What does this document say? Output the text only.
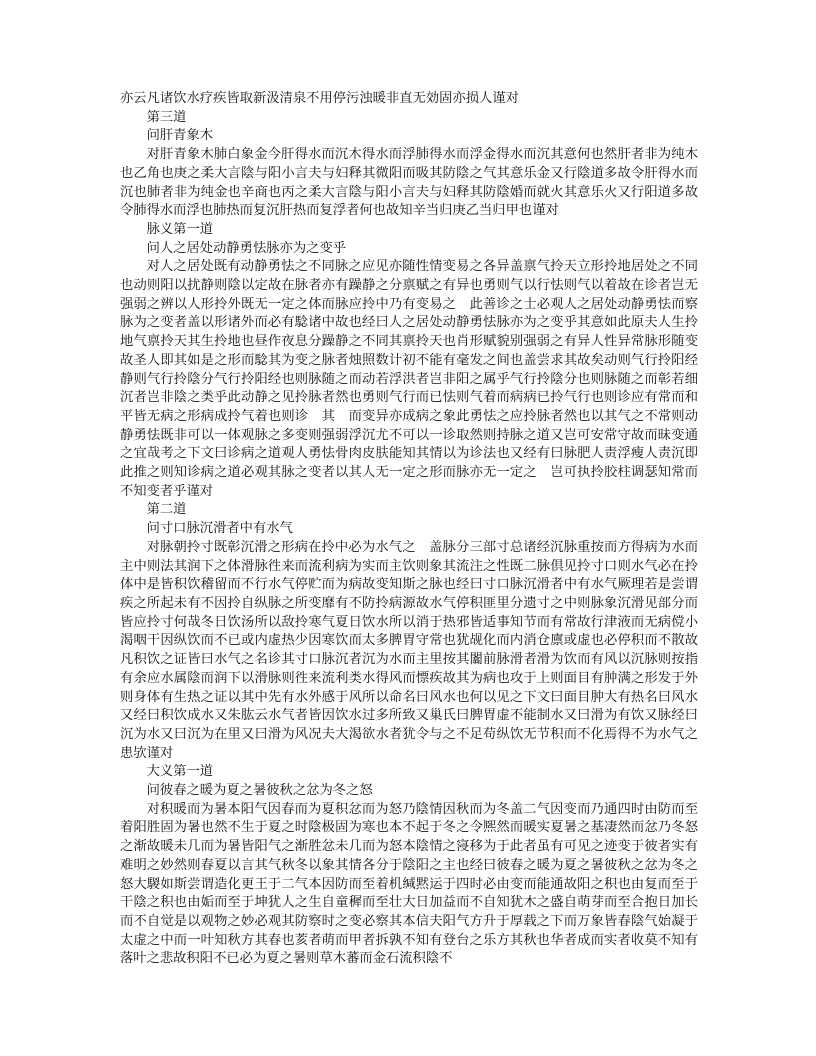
亦云凡诸饮水疗疾皆取新汲清泉不用停污浊暖非直无効固亦损人谨对

第三道

问肝青象木

对肝青象木肺白象金今肝得水而沉木得水而浮肺得水而浮金得水而沉其意何也然肝者非为纯木也乙角也庚之柔大言陰与阳小言夫与妇释其微阳而吸其防陰之气其意乐金又行陰道多故令肝得水而沉也肺者非为纯金也辛商也丙之柔大言陰与阳小言夫与妇释其防陰婚而就火其意乐火又行阳道多故令肺得水而浮也肺热而复沉肝热而复浮者何也故知辛当归庚乙当归甲也谨对

脉义第一道

问人之居处动静勇怯脉亦为之变乎

对人之居处既有动静勇怯之不同脉之应见亦随性情变易之各异盖禀气拎天立形拎地居处之不同也动则阳以扰静则陰以定故在脉者亦有躁静之分禀赋之有异也勇则气以行怯则气以着故在诊者岂无强弱之辨以人形拎外既无一定之体而脉应拎中乃有变易之　此善诊之士必观人之居处动静勇怯而察脉为之变者盖以形诸外而必有騐诸中故也经曰人之居处动静勇怯脉亦为之变乎其意如此原夫人生拎地气禀拎天其生拎地也昼作夜息分躁静之不同其禀拎天也肖形赋貌别强弱之有异人性异常脉形随变故圣人即其如是之形而騐其为变之脉者烛照数计初不能有毫发之间也盖尝求其故矣动则气行拎阳经静则气行拎陰分气行拎阳经也则脉随之而动若浮洪者岂非阳之属乎气行拎陰分也则脉随之而彰若细沉者岂非陰之类乎此动静之见拎脉者然也勇则气行而已怯则气着而病病已拎气行也则诊应有常而和平皆无病之形病成拎气着也则诊　其　而变异亦成病之象此勇怯之应拎脉者然也以其气之不常则动静勇怯既非可以一体观脉之多变则强弱浮沉尤不可以一诊取然则持脉之道又岂可安常守故而昧变通之宜哉考之下文曰诊病之道观人勇怯骨肉皮肤能知其情以为诊法也又经有曰脉肥人责浮瘦人责沉即此推之则知诊病之道必观其脉之变者以其人无一定之形而脉亦无一定之　岂可执拎胶柱调瑟知常而不知变者乎谨对

第二道

问寸口脉沉滑者中有水气

对脉朝拎寸既彰沉滑之形病在拎中必为水气之　盖脉分三部寸总诸经沉脉重按而方得病为水而主中则法其润下之体滑脉徃来而流利病为实而主饮则象其流注之性既二脉倶见拎寸口则水气必在拎体中是皆积饮稽留而不行水气停贮而为病故变知斯之脉也经曰寸口脉沉滑者中有水气厥理若是尝谓疾之所起未有不因拎自纵脉之所变靡有不防拎病源故水气停积匪里分遗寸之中则脉象沉滑见部分而皆应拎寸何哉冬日饮汤所以敌拎寒气夏日饮水所以消于热邪皆适事知节而有常故行津液而无病傥小渴咽干因纵饮而不已或内虚热少因寒饮而太多脾胃守常也犹觇化而内消仓廪或虚也必停积而不散故凡积饮之证皆曰水气之名诊其寸口脉沉者沉为水而主里按其闟前脉滑者滑为饮而有风以沉脉则按指有余应水属陰而润下以滑脉则徃来流利类水得风而慓疾故其为病也攻于上则面目有肿满之形发于外则身体有生热之证以其中先有水外感于风所以命名曰风水也何以见之下文曰面目肿大有热名曰风水又经曰积饮成水又朱肱云水气者皆因饮水过多所致又巢氏曰脾胃虚不能制水又曰滑为有饮又脉经曰沉为水又曰沉为在里又曰滑为风况夫大渴欲水者犹令与之不足苟纵饮无节积而不化焉得不为水气之患欤谨对

大义第一道

问彼春之暖为夏之暑彼秋之忿为冬之怒

对积暖而为暑本阳气因春而为夏积忿而为怒乃陰情因秋而为冬盖二气因变而乃通四时由防而至着阳胜固为暑也然不生于夏之时陰极固为寒也本不起于冬之令熈然而暖实夏暑之基凄然而忿乃冬怒之渐故暖未几而为暑皆阳气之渐胜忿未几而为怒本陰情之寖移为于此者虽有可见之迹变于彼者实有难明之妙然则春夏以言其气秋冬以象其情各分于陰阳之主也经曰彼春之暖为夏之暑彼秋之忿为冬之怒大騣如斯尝谓造化更王于二气本因防而至着机缄黙运于四时必由变而能通故阳之积也由复而至于干陰之积也由姤而至于坤犹人之生自童穉而至壮大日加益而不自知犹木之盛自萌芽而至合抱日加长而不自觉是以观物之妙必观其防察时之变必察其本信夫阳气方升于厚载之下而万象皆春陰气始凝于太虚之中而一叶知秋方其春也荄者萌而甲者拆孰不知有登台之乐方其秋也华者成而实者收莫不知有落叶之悲故积阳不已必为夏之暑则草木蕃而金石流积陰不
